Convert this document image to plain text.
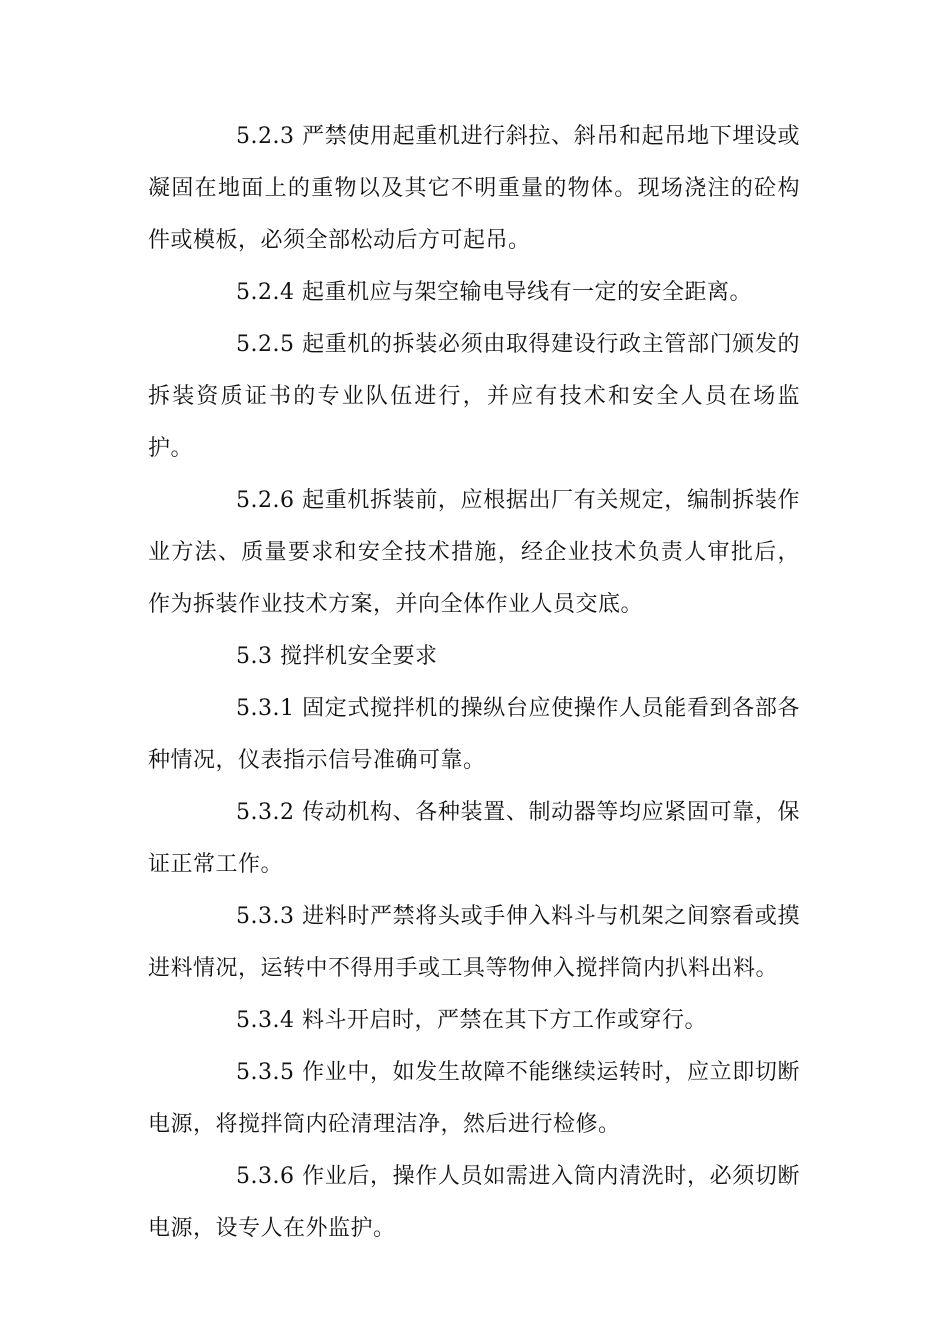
5.2.3 严禁使用起重机进行斜拉、斜吊和起吊地下埋设或凝固在地面上的重物以及其它不明重量的物体。现场浇注的砼构件或模板，必须全部松动后方可起吊。

5.2.4 起重机应与架空输电导线有一定的安全距离。

5.2.5 起重机的拆装必须由取得建设行政主管部门颁发的拆装资质证书的专业队伍进行，并应有技术和安全人员在场监护。

5.2.6 起重机拆装前，应根据出厂有关规定，编制拆装作业方法、质量要求和安全技术措施，经企业技术负责人审批后，作为拆装作业技术方案，并向全体作业人员交底。

5.3 搅拌机安全要求

5.3.1 固定式搅拌机的操纵台应使操作人员能看到各部各种情况，仪表指示信号准确可靠。

5.3.2 传动机构、各种装置、制动器等均应紧固可靠，保证正常工作。

5.3.3 进料时严禁将头或手伸入料斗与机架之间察看或摸进料情况，运转中不得用手或工具等物伸入搅拌筒内扒料出料。

5.3.4 料斗开启时，严禁在其下方工作或穿行。

5.3.5 作业中，如发生故障不能继续运转时，应立即切断电源，将搅拌筒内砼清理洁净，然后进行检修。

5.3.6 作业后，操作人员如需进入筒内清洗时，必须切断电源，设专人在外监护。
